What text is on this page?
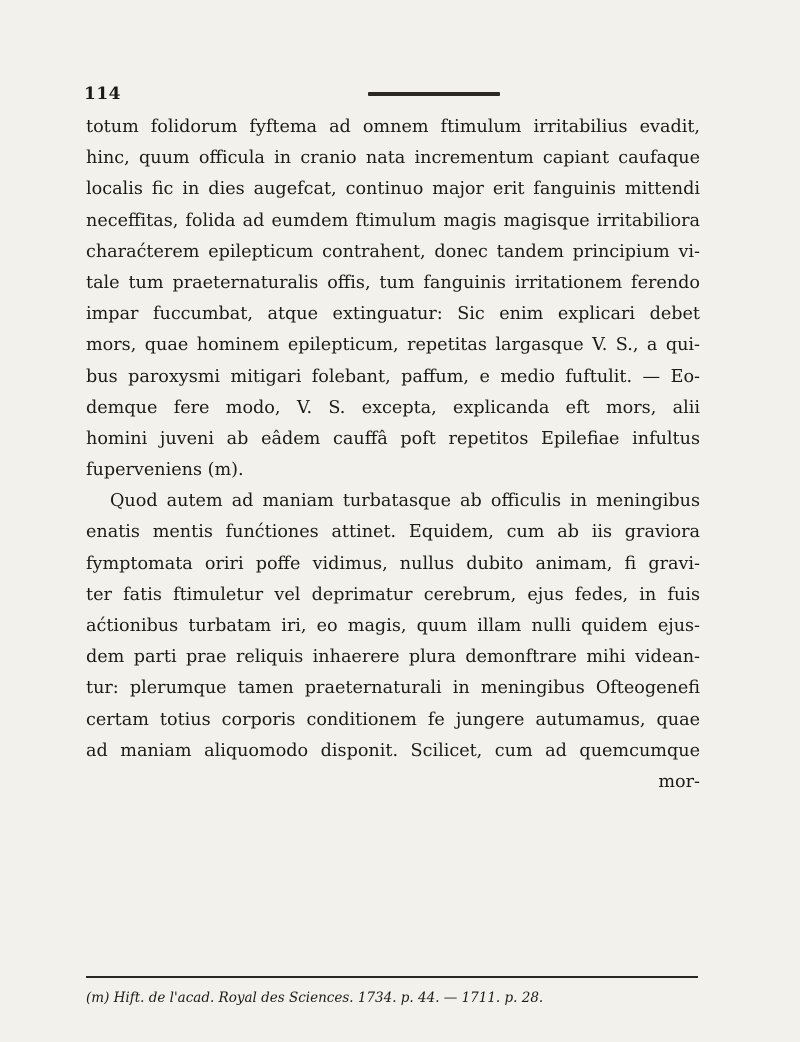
114
totum folidorum fyftema ad omnem ftimulum irritabilius evadit,
hinc, quum officula in cranio nata incrementum capiant caufaque
localis fic in dies augefcat, continuo major erit fanguinis mittendi
neceffitas, folida ad eumdem ftimulum magis magisque irritabiliora
charaćterem epilepticum contrahent, donec tandem principium vi-
tale tum praeternaturalis offis, tum fanguinis irritationem ferendo
impar fuccumbat, atque extinguatur: Sic enim explicari debet
mors, quae hominem epilepticum, repetitas largasque V. S., a qui-
bus paroxysmi mitigari folebant, paffum, e medio fuftulit. — Eo-
demque fere modo, V. S. excepta, explicanda eft mors, alii
homini juveni ab eâdem cauffâ poft repetitos Epilefiae infultus
fuperveniens (m).
Quod autem ad maniam turbatasque ab officulis in meningibus
enatis mentis funćtiones attinet. Equidem, cum ab iis graviora
fymptomata oriri poffe vidimus, nullus dubito animam, fi gravi-
ter fatis ftimuletur vel deprimatur cerebrum, ejus fedes, in fuis
aćtionibus turbatam iri, eo magis, quum illam nulli quidem ejus-
dem parti prae reliquis inhaerere plura demonftrare mihi videan-
tur: plerumque tamen praeternaturali in meningibus Ofteogenefi
certam totius corporis conditionem fe jungere autumamus, quae
ad maniam aliquomodo disponit. Scilicet, cum ad quemcumque
mor-
(m) Hift. de l'acad. Royal des Sciences. 1734. p. 44. — 1711. p. 28.
